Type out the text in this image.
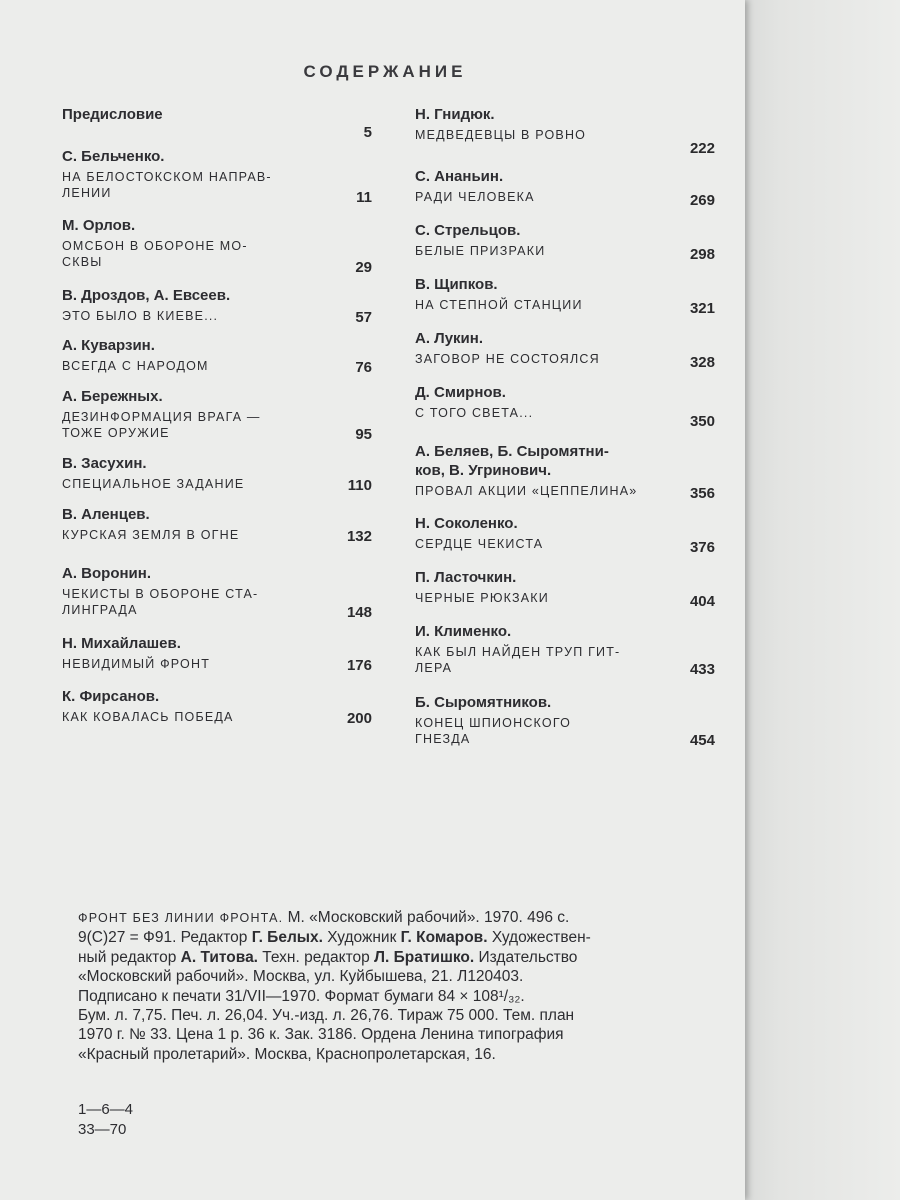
СОДЕРЖАНИЕ
Предисловие
5
С. Бельченко.
НА БЕЛОСТОКСКОМ НАПРАВ-
ЛЕНИИ	11
М. Орлов.
ОМСБОН В ОБОРОНЕ МО-
СКВЫ	29
В. Дроздов, А. Евсеев.
ЭТО БЫЛО В КИЕВЕ...	57
А. Куварзин.
ВСЕГДА С НАРОДОМ	76
А. Бережных.
ДЕЗИНФОРМАЦИЯ ВРАГА —
ТОЖЕ ОРУЖИЕ	95
В. Засухин.
СПЕЦИАЛЬНОЕ ЗАДАНИЕ	110
В. Аленцев.
КУРСКАЯ ЗЕМЛЯ В ОГНЕ	132
А. Воронин.
ЧЕКИСТЫ В ОБОРОНЕ СТА-
ЛИНГРАДА	148
Н. Михайлашев.
НЕВИДИМЫЙ ФРОНТ	176
К. Фирсанов.
КАК КОВАЛАСЬ ПОБЕДА	200
Н. Гнидюк.
МЕДВЕДЕВЦЫ В РОВНО
222
С. Ананьин.
РАДИ ЧЕЛОВЕКА	269
С. Стрельцов.
БЕЛЫЕ ПРИЗРАКИ	298
В. Щипков.
НА СТЕПНОЙ СТАНЦИИ	321
А. Лукин.
ЗАГОВОР НЕ СОСТОЯЛСЯ	328
Д. Смирнов.
С ТОГО СВЕТА...	350
А. Беляев, Б. Сыромятни-
ков, В. Угринович.
ПРОВАЛ АКЦИИ «ЦЕППЕЛИНА»	356
Н. Соколенко.
СЕРДЦЕ ЧЕКИСТА	376
П. Ласточкин.
ЧЕРНЫЕ РЮКЗАКИ	404
И. Клименко.
КАК БЫЛ НАЙДЕН ТРУП ГИТ-
ЛЕРА	433
Б. Сыромятников.
КОНЕЦ ШПИОНСКОГО
ГНЕЗДА	454
ФРОНТ БЕЗ ЛИНИИ ФРОНТА. М. «Московский рабочий». 1970. 496 с.
9(С)27 = Ф91. Редактор Г. Белых. Художник Г. Комаров. Художествен-
ный редактор А. Титова. Техн. редактор Л. Братишко. Издательство
«Московский рабочий». Москва, ул. Куйбышева, 21. Л120403.
Подписано к печати 31/VII—1970. Формат бумаги 84 × 108¹/₃₂.
Бум. л. 7,75. Печ. л. 26,04. Уч.-изд. л. 26,76. Тираж 75 000. Тем. план
1970 г. № 33. Цена 1 р. 36 к. Зак. 3186. Ордена Ленина типография
«Красный пролетарий». Москва, Краснопролетарская, 16.
1—6—4
33—70
